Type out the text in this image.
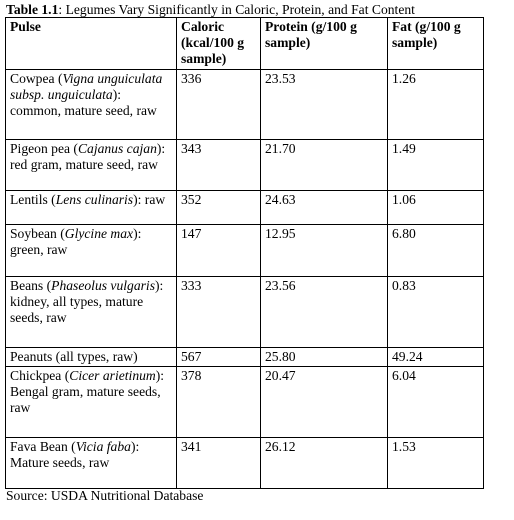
Table 1.1: Legumes Vary Significantly in Caloric, Protein, and Fat Content
Pulse	Caloric (kcal/100 g sample)	Protein (g/100 g sample)	Fat (g/100 g sample)
Cowpea (Vigna unguiculata subsp. unguiculata): common, mature seed, raw	336	23.53	1.26
Pigeon pea (Cajanus cajan): red gram, mature seed, raw	343	21.70	1.49
Lentils (Lens culinaris): raw	352	24.63	1.06
Soybean (Glycine max): green, raw	147	12.95	6.80
Beans (Phaseolus vulgaris): kidney, all types, mature seeds, raw	333	23.56	0.83
Peanuts (all types, raw)	567	25.80	49.24
Chickpea (Cicer arietinum): Bengal gram, mature seeds, raw	378	20.47	6.04
Fava Bean (Vicia faba): Mature seeds, raw	341	26.12	1.53
Source: USDA Nutritional Database
